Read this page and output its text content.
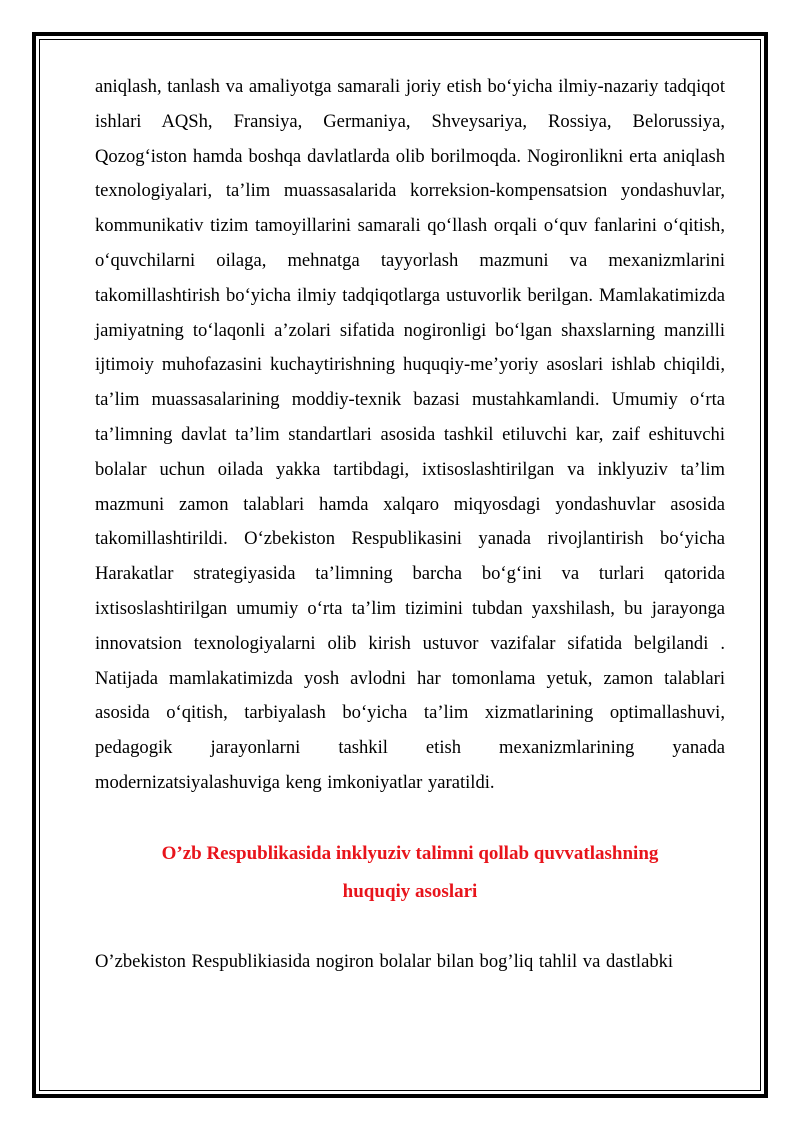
aniqlash, tanlash va amaliyotga samarali joriy etish bo‘yicha ilmiy-nazariy tadqiqot ishlari AQSh, Fransiya, Germaniya, Shveysariya, Rossiya, Belorussiya, Qozog‘iston hamda boshqa davlatlarda olib borilmoqda. Nogironlikni erta aniqlash texnologiyalari, ta’lim muassasalarida korreksion-kompensatsion yondashuvlar, kommunikativ tizim tamoyillarini samarali qo‘llash orqali o‘quv fanlarini o‘qitish, o‘quvchilarni oilaga, mehnatga tayyorlash mazmuni va mexanizmlarini takomillashtirish bo‘yicha ilmiy tadqiqotlarga ustuvorlik berilgan. Mamlakatimizda jamiyatning to‘laqonli a’zolari sifatida nogironligi bo‘lgan shaxslarning manzilli ijtimoiy muhofazasini kuchaytirishning huquqiy-me’yoriy asoslari ishlab chiqildi, ta’lim muassasalarining moddiy-texnik bazasi mustahkamlandi. Umumiy o‘rta ta’limning davlat ta’lim standartlari asosida tashkil etiluvchi kar, zaif eshituvchi bolalar uchun oilada yakka tartibdagi, ixtisoslashtirilgan va inklyuziv ta’lim mazmuni zamon talablari hamda xalqaro miqyosdagi yondashuvlar asosida takomillashtirildi. O‘zbekiston Respublikasini yanada rivojlantirish bo‘yicha Harakatlar strategiyasida ta’limning barcha bo‘g‘ini va turlari qatorida ixtisoslashtirilgan umumiy o‘rta ta’lim tizimini tubdan yaxshilash, bu jarayonga innovatsion texnologiyalarni olib kirish ustuvor vazifalar sifatida belgilandi . Natijada mamlakatimizda yosh avlodni har tomonlama yetuk, zamon talablari asosida o‘qitish, tarbiyalash bo‘yicha ta’lim xizmatlarining optimallashuvi, pedagogik jarayonlarni tashkil etish mexanizmlarining yanada modernizatsiyalashuviga keng imkoniyatlar yaratildi.

O’zb Respublikasida inklyuziv talimni qollab quvvatlashning
huquqiy asoslari

O’zbekiston Respublikiasida nogiron bolalar bilan bog’liq tahlil va dastlabki
